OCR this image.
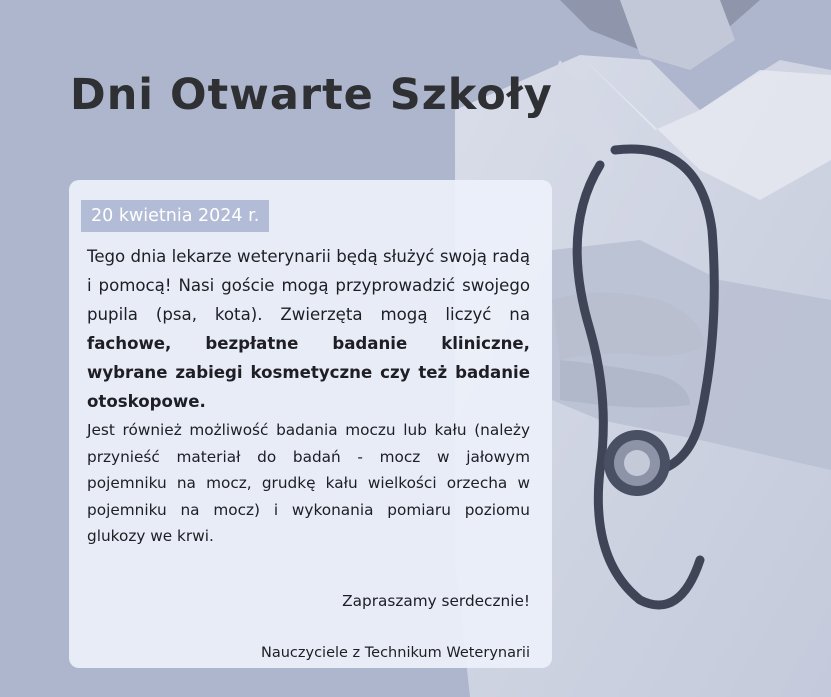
Dni Otwarte Szkoły
20 kwietnia 2024 r.

Tego dnia lekarze weterynarii będą służyć swoją radą i pomocą! Nasi goście mogą przyprowadzić swojego pupila (psa, kota). Zwierzęta mogą liczyć na fachowe, bezpłatne badanie kliniczne, wybrane zabiegi kosmetyczne czy też badanie otoskopowe.

Jest również możliwość badania moczu lub kału (należy przynieść materiał do badań - mocz w jałowym pojemniku na mocz, grudkę kału wielkości orzecha w pojemniku na mocz) i wykonania pomiaru poziomu glukozy we krwi.

Zapraszamy serdecznie!
Nauczyciele z Technikum Weterynarii
